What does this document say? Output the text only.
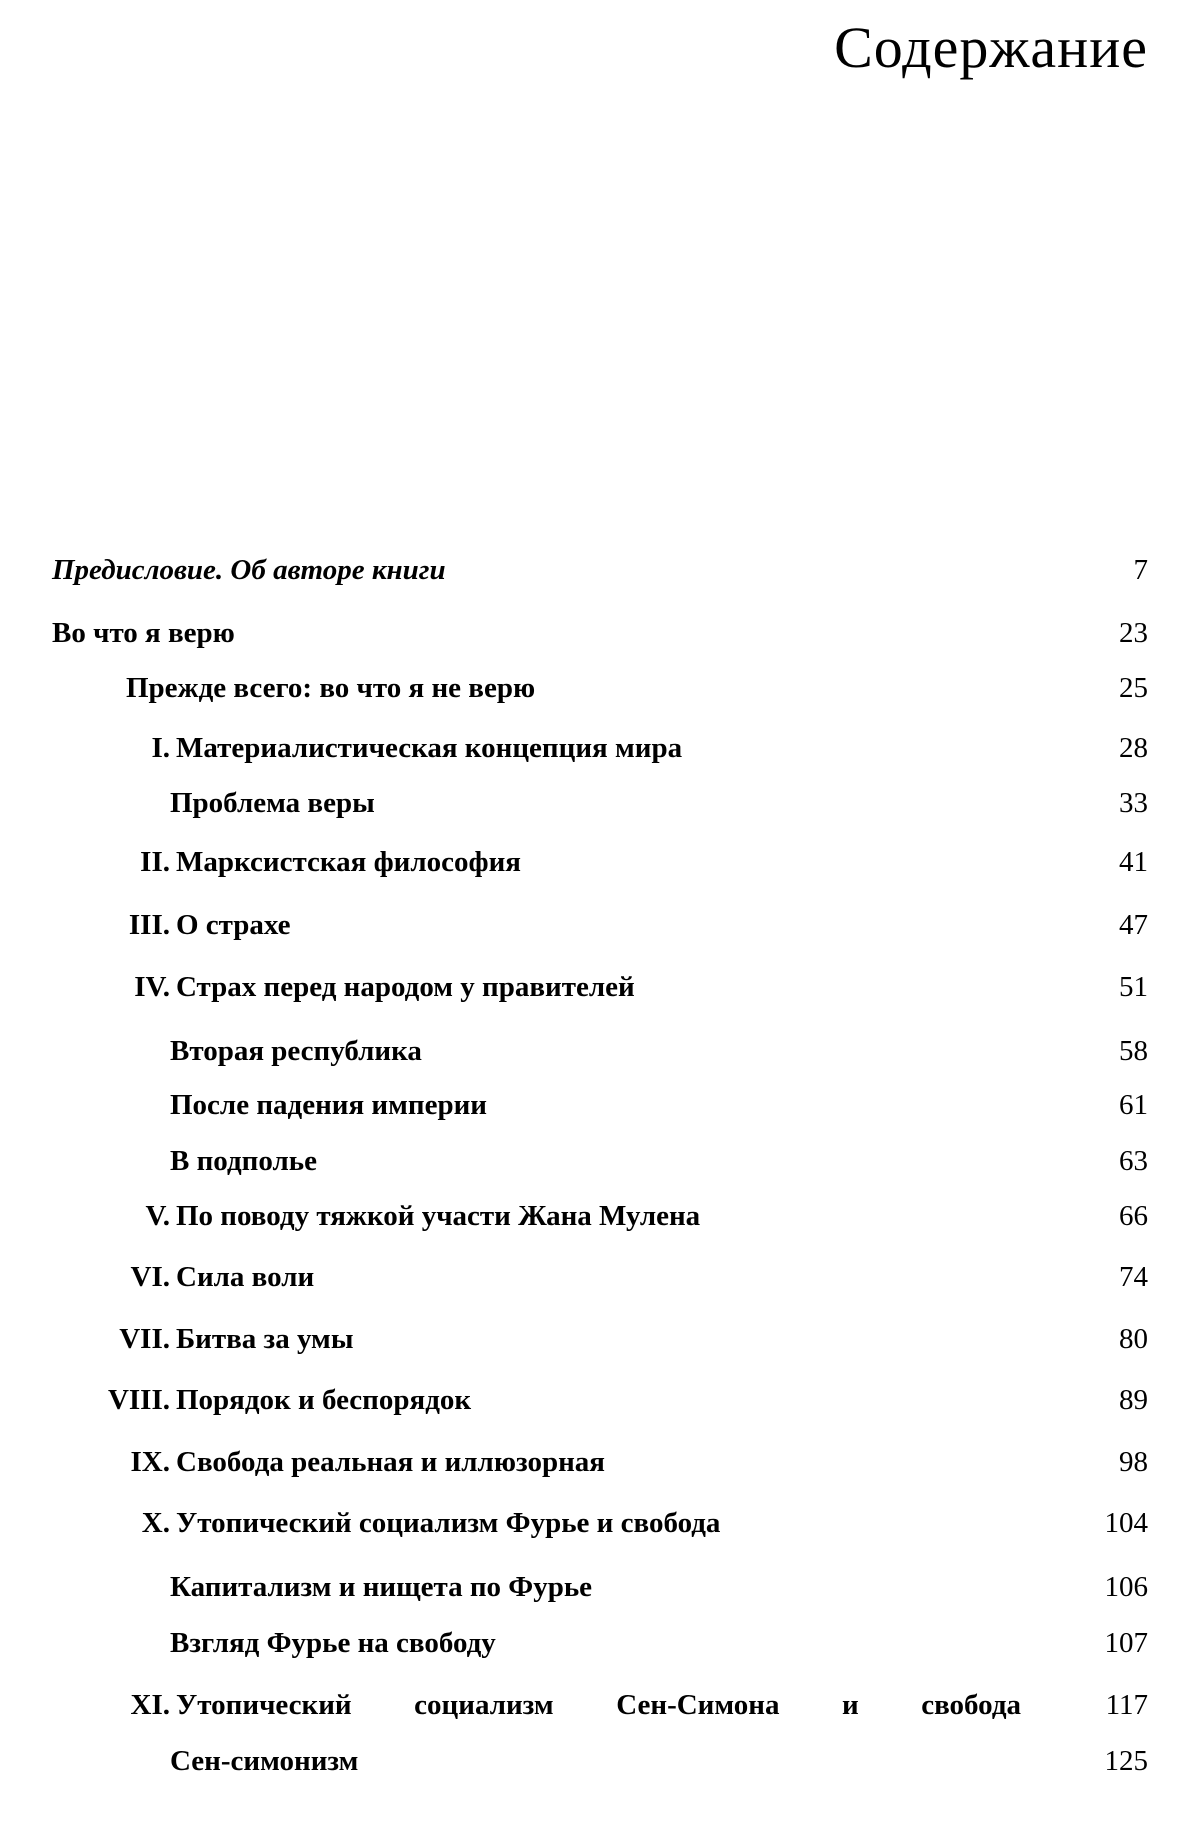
Содержание
Предисловие. Об авторе книги	7
Во что я верю	23
Прежде всего: во что я не верю	25
I. Материалистическая концепция мира	28
Проблема веры	33
II. Марксистская философия	41
III. О страхе	47
IV. Страх перед народом у правителей	51
Вторая республика	58
После падения империи	61
В подполье	63
V. По поводу тяжкой участи Жана Мулена	66
VI. Сила воли	74
VII. Битва за умы	80
VIII. Порядок и беспорядок	89
IX. Свобода реальная и иллюзорная	98
X. Утопический социализм Фурье и свобода	104
Капитализм и нищета по Фурье	106
Взгляд Фурье на свободу	107
XI. Утопический социализм Сен-Симона и свобода	117
Сен-симонизм	125
